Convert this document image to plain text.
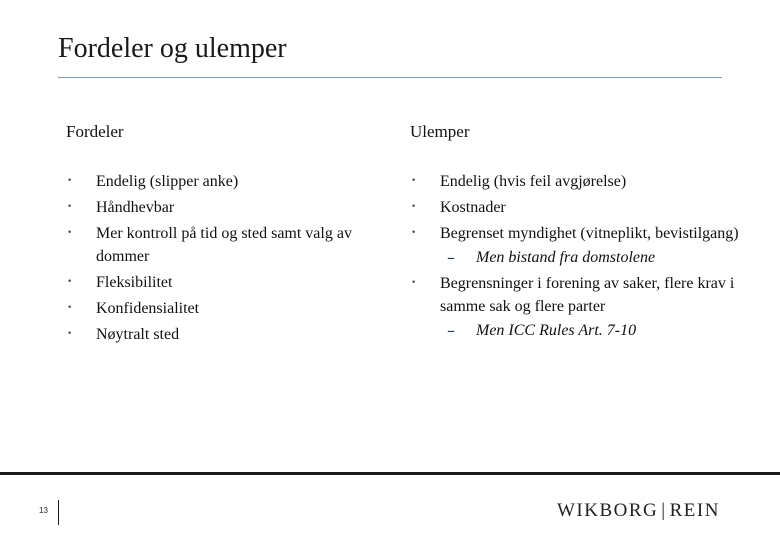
Fordeler og ulemper
Fordeler
• Endelig (slipper anke)
• Håndhevbar
• Mer kontroll på tid og sted samt valg av dommer
• Fleksibilitet
• Konfidensialitet
• Nøytralt sted
Ulemper
• Endelig (hvis feil avgjørelse)
• Kostnader
• Begrenset myndighet (vitneplikt, bevistilgang)
– Men bistand fra domstolene
• Begrensninger i forening av saker, flere krav i samme sak og flere parter
– Men ICC Rules Art. 7-10
13	WIKBORG | REIN
